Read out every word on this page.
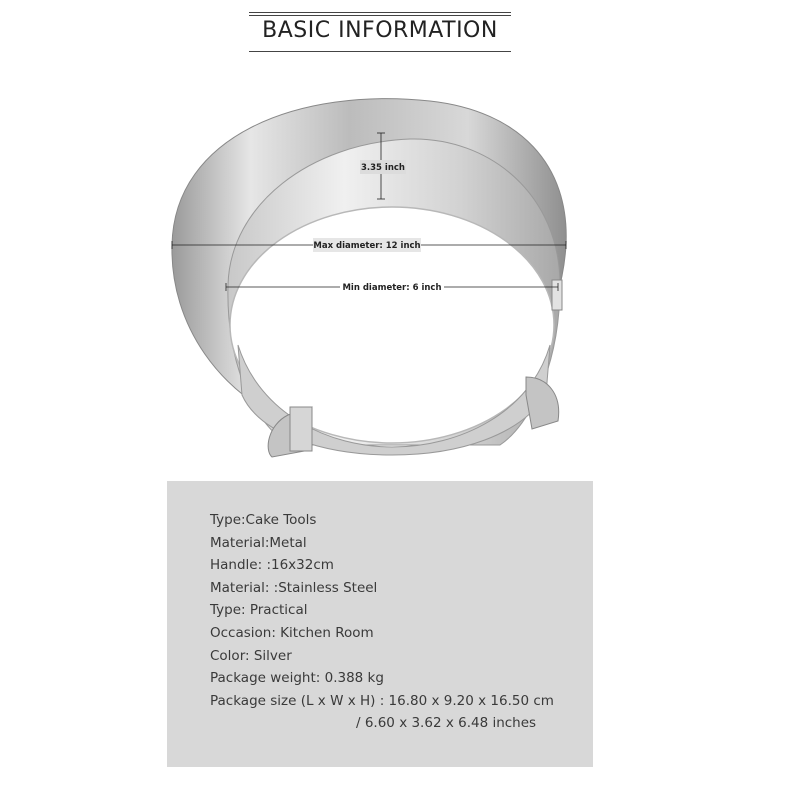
BASIC INFORMATION
3.35 inch
Max diameter: 12 inch
Min diameter: 6 inch
Type:Cake Tools
Material:Metal
Handle: :16x32cm
Material: :Stainless Steel
Type: Practical
Occasion: Kitchen Room
Color: Silver
Package weight: 0.388 kg
Package size (L x W x H) : 16.80 x 9.20 x 16.50 cm
/ 6.60 x 3.62 x 6.48 inches
